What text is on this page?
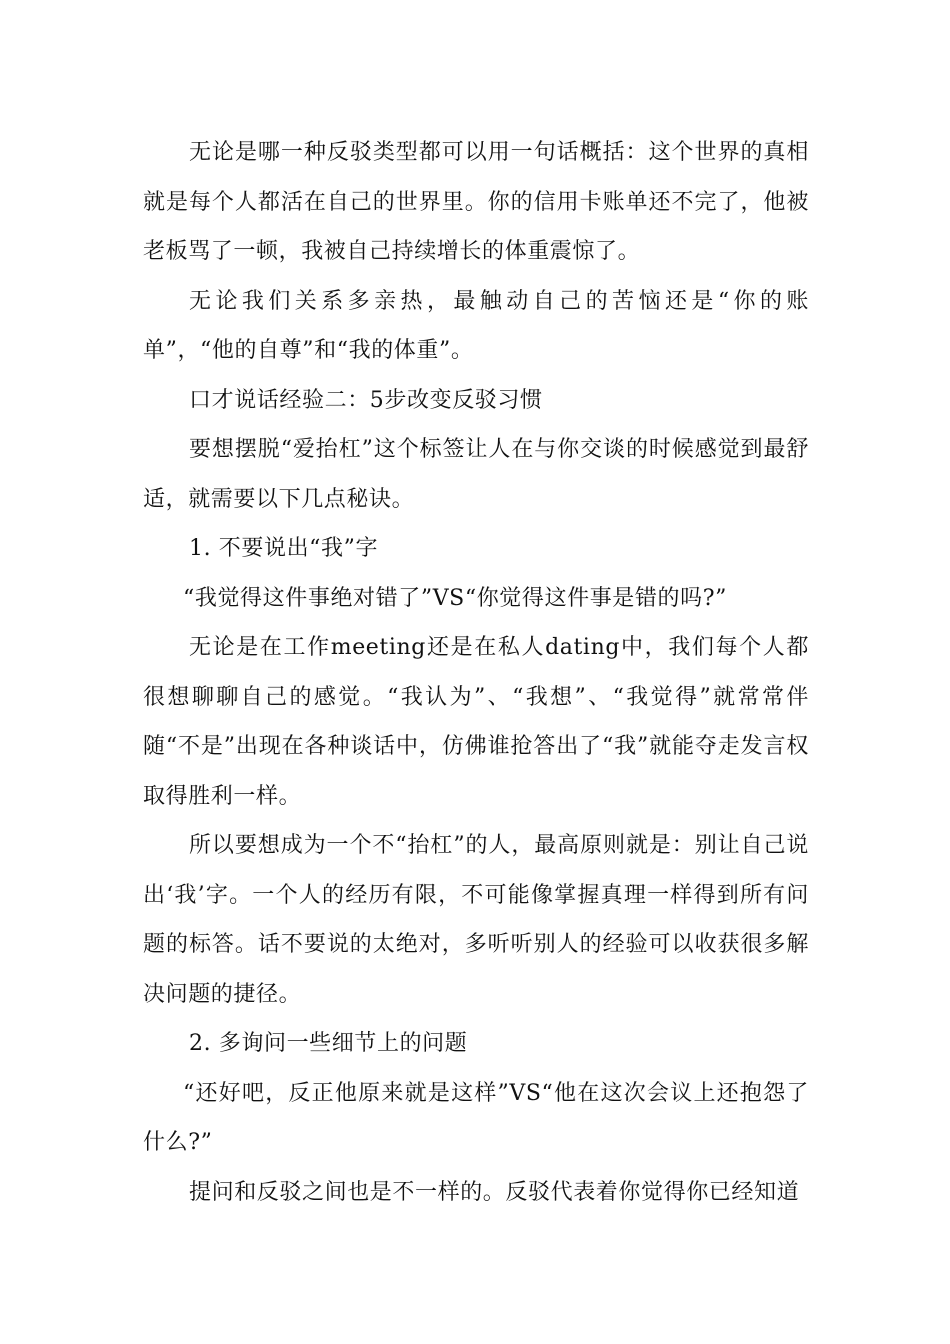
无论是哪一种反驳类型都可以用一句话概括：这个世界的真相就是每个人都活在自己的世界里。你的信用卡账单还不完了，他被老板骂了一顿，我被自己持续增长的体重震惊了。

无论我们关系多亲热，最触动自己的苦恼还是“你的账单”，“他的自尊”和“我的体重”。

口才说话经验二：5步改变反驳习惯

要想摆脱“爱抬杠”这个标签让人在与你交谈的时候感觉到最舒适，就需要以下几点秘诀。

1. 不要说出“我”字

“我觉得这件事绝对错了”VS“你觉得这件事是错的吗?”

无论是在工作meeting还是在私人dating中，我们每个人都很想聊聊自己的感觉。“我认为”、“我想”、“我觉得”就常常伴随“不是”出现在各种谈话中，仿佛谁抢答出了“我”就能夺走发言权取得胜利一样。

所以要想成为一个不“抬杠”的人，最高原则就是：别让自己说出‘我’字。一个人的经历有限，不可能像掌握真理一样得到所有问题的标答。话不要说的太绝对，多听听别人的经验可以收获很多解决问题的捷径。

2. 多询问一些细节上的问题

“还好吧，反正他原来就是这样”VS“他在这次会议上还抱怨了什么?”

提问和反驳之间也是不一样的。反驳代表着你觉得你已经知道
